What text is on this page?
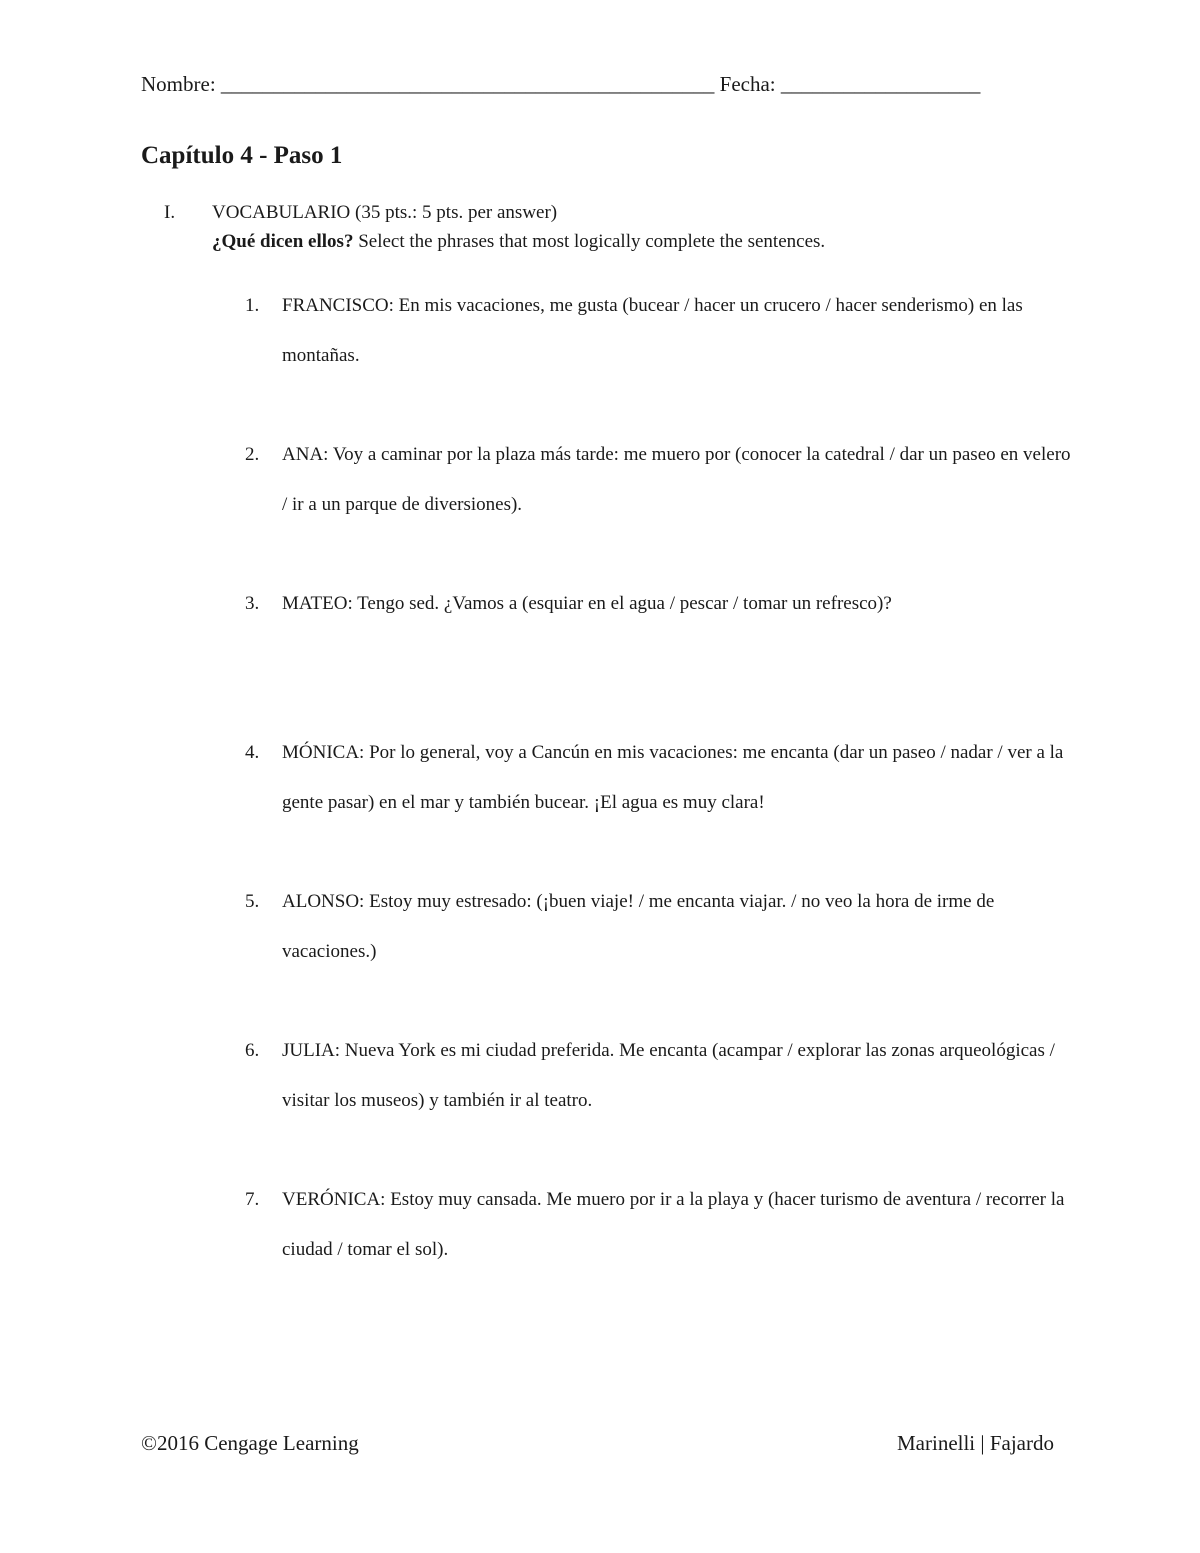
Nombre: _______________________________________________ Fecha: ___________________
Capítulo 4 - Paso 1
I.	VOCABULARIO (35 pts.: 5 pts. per answer)
¿Qué dicen ellos? Select the phrases that most logically complete the sentences.
1.	FRANCISCO: En mis vacaciones, me gusta (bucear / hacer un crucero / hacer senderismo) en las montañas.
2.	ANA: Voy a caminar por la plaza más tarde: me muero por (conocer la catedral / dar un paseo en velero / ir a un parque de diversiones).
3.	MATEO: Tengo sed. ¿Vamos a (esquiar en el agua / pescar / tomar un refresco)?
4.	MÓNICA: Por lo general, voy a Cancún en mis vacaciones: me encanta (dar un paseo / nadar / ver a la gente pasar) en el mar y también bucear. ¡El agua es muy clara!
5.	ALONSO: Estoy muy estresado: (¡buen viaje! / me encanta viajar. / no veo la hora de irme de vacaciones.)
6.	JULIA: Nueva York es mi ciudad preferida. Me encanta (acampar / explorar las zonas arqueológicas / visitar los museos) y también ir al teatro.
7.	VERÓNICA: Estoy muy cansada. Me muero por ir a la playa y (hacer turismo de aventura / recorrer la ciudad / tomar el sol).
©2016 Cengage Learning	Marinelli | Fajardo
